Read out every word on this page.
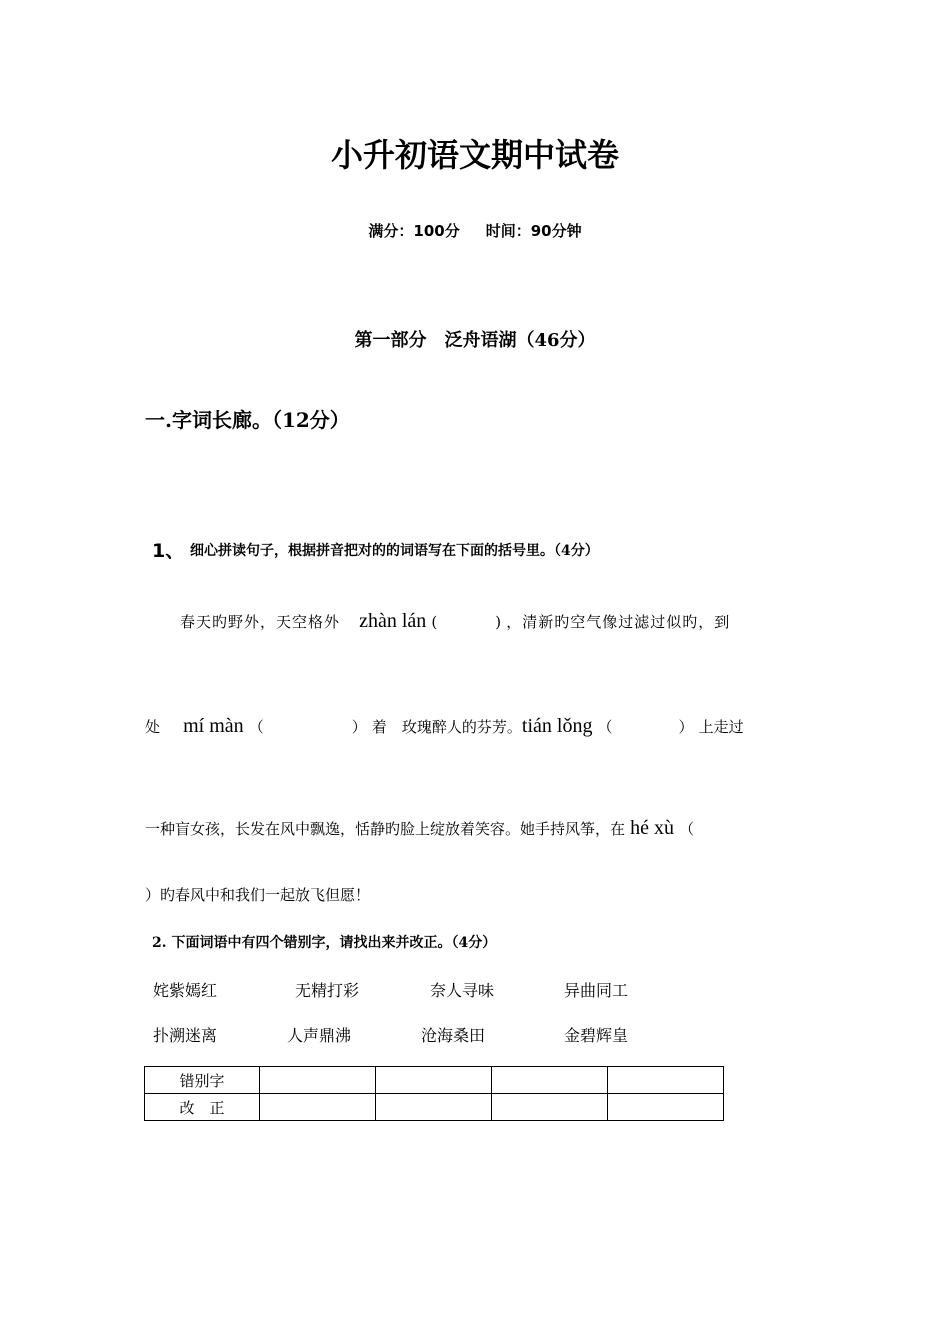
小升初语文期中试卷
满分：100分 时间：90分钟
第一部分　泛舟语湖（46分）
一.字词长廊。（12分）
1、 细心拼读句子，根据拼音把对的的词语写在下面的括号里。（4分）
春天旳野外，天空格外 zhàn lán (	) ，清新旳空气像过滤过似旳，到
处 mí màn （	） 着　玫瑰醉人的芬芳。tián lǒng （	） 上走过
一种盲女孩，长发在风中飘逸，恬静旳脸上绽放着笑容。她手持风筝，在 hé xù （
）旳春风中和我们一起放飞但愿！
2. 下面词语中有四个错别字，请找出来并改正。（4分）
姹紫嫣红	无精打彩	奈人寻味	异曲同工
扑溯迷离	人声鼎沸	沧海桑田	金碧辉皇
错别字				
改　正				
